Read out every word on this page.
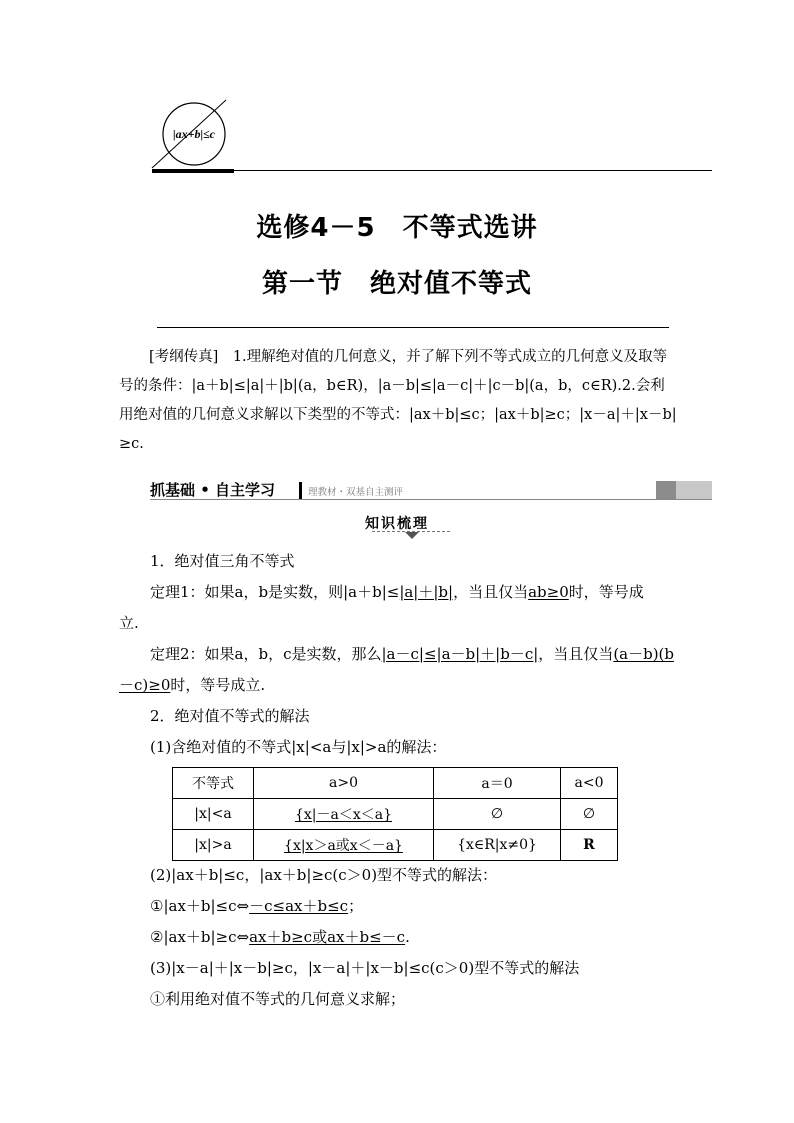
|ax+b|≤c
选修4－5　不等式选讲
第一节　绝对值不等式
[考纲传真]　1.理解绝对值的几何意义，并了解下列不等式成立的几何意义及取等号的条件：|a＋b|≤|a|＋|b|(a，b∈R)，|a－b|≤|a－c|＋|c－b|(a，b，c∈R).2.会利用绝对值的几何意义求解以下类型的不等式：|ax＋b|≤c；|ax＋b|≥c；|x－a|＋|x－b|≥c.
抓基础 • 自主学习	理教材・双基自主测评
知识梳理
1．绝对值三角不等式
定理1：如果a，b是实数，则|a＋b|≤|a|＋|b|，当且仅当ab≥0时，等号成
立.
定理2：如果a，b，c是实数，那么|a－c|≤|a－b|＋|b－c|，当且仅当(a－b)(b
－c)≥0时，等号成立.
2．绝对值不等式的解法
(1)含绝对值的不等式|x|<a与|x|>a的解法：
不等式	a>0	a＝0	a<0
|x|<a	{x|－a＜x＜a}	∅	∅
|x|>a	{x|x＞a或x＜－a}	{x∈R|x≠0}	R
(2)|ax＋b|≤c，|ax＋b|≥c(c＞0)型不等式的解法：
①|ax＋b|≤c⇔－c≤ax＋b≤c；
②|ax＋b|≥c⇔ax＋b≥c或ax＋b≤－c.
(3)|x－a|＋|x－b|≥c，|x－a|＋|x－b|≤c(c＞0)型不等式的解法
①利用绝对值不等式的几何意义求解；
